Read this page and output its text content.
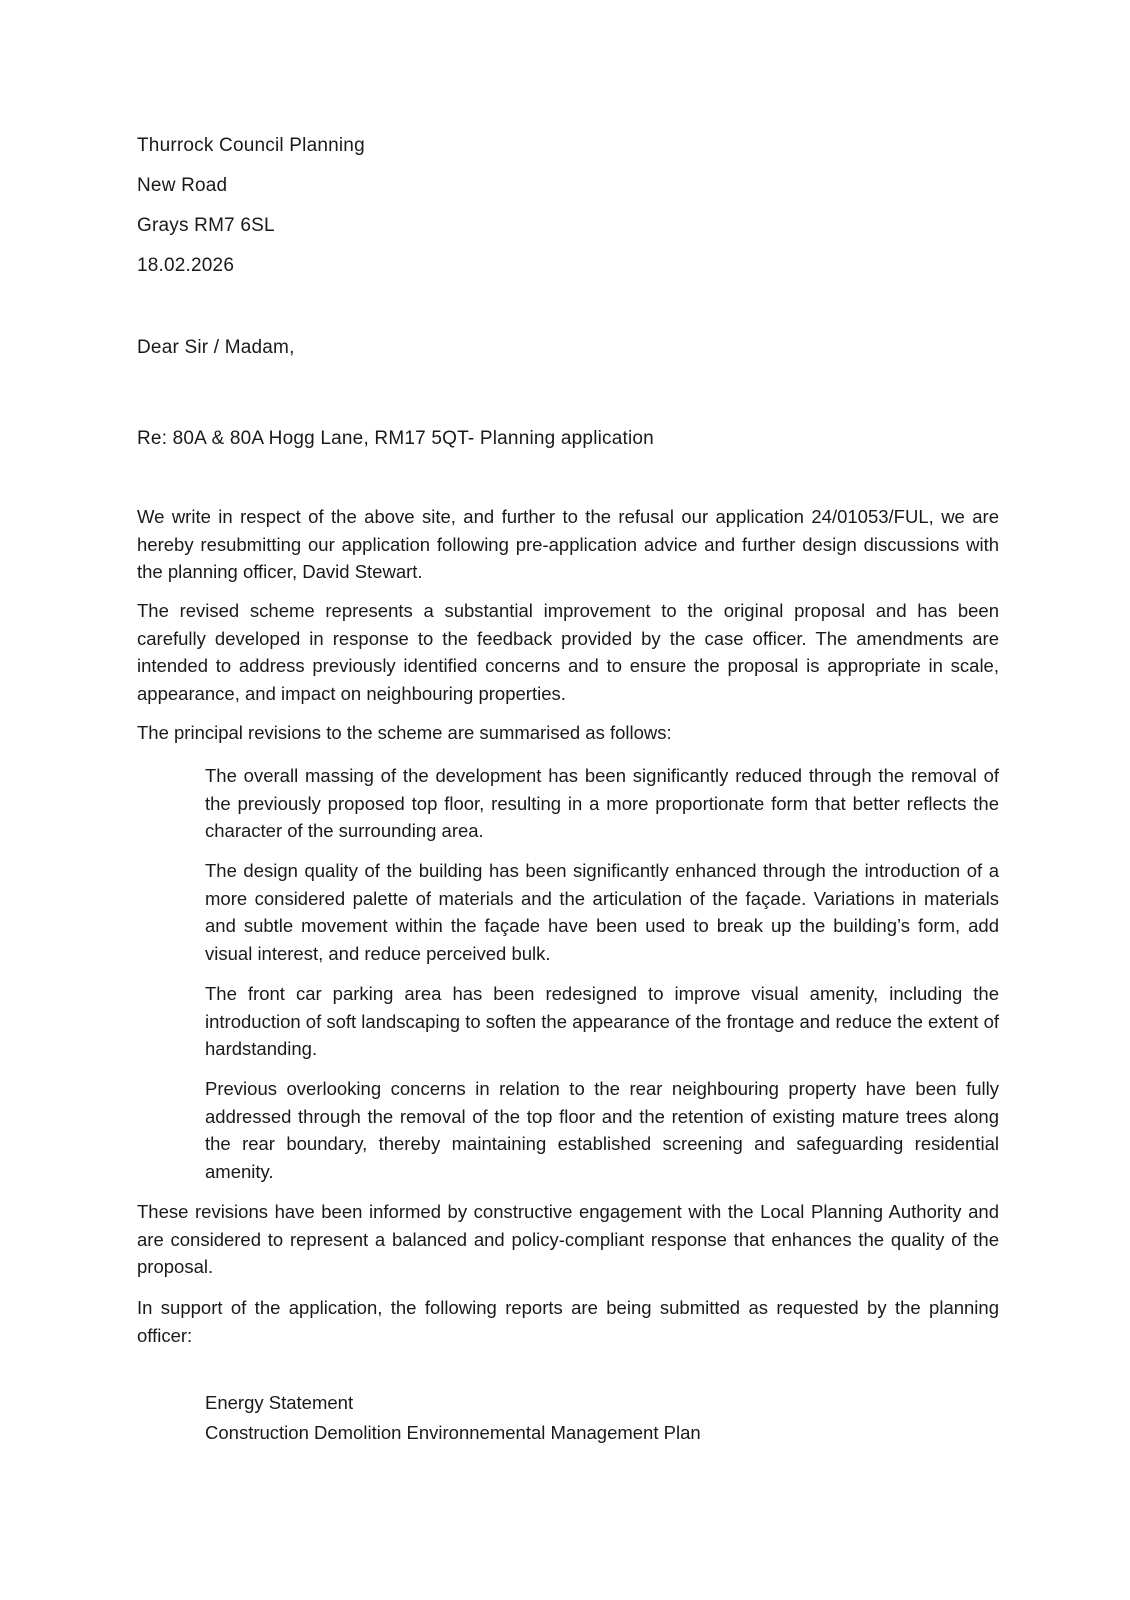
Thurrock Council Planning

New Road

Grays RM7 6SL

18.02.2026

Dear Sir / Madam,

Re: 80A & 80A Hogg Lane, RM17 5QT- Planning application

We write in respect of the above site, and further to the refusal our application 24/01053/FUL, we are hereby resubmitting our application following pre-application advice and further design discussions with the planning officer, David Stewart.

The revised scheme represents a substantial improvement to the original proposal and has been carefully developed in response to the feedback provided by the case officer. The amendments are intended to address previously identified concerns and to ensure the proposal is appropriate in scale, appearance, and impact on neighbouring properties.

The principal revisions to the scheme are summarised as follows:

The overall massing of the development has been significantly reduced through the removal of the previously proposed top floor, resulting in a more proportionate form that better reflects the character of the surrounding area.

The design quality of the building has been significantly enhanced through the introduction of a more considered palette of materials and the articulation of the façade. Variations in materials and subtle movement within the façade have been used to break up the building’s form, add visual interest, and reduce perceived bulk.

The front car parking area has been redesigned to improve visual amenity, including the introduction of soft landscaping to soften the appearance of the frontage and reduce the extent of hardstanding.

Previous overlooking concerns in relation to the rear neighbouring property have been fully addressed through the removal of the top floor and the retention of existing mature trees along the rear boundary, thereby maintaining established screening and safeguarding residential amenity.

These revisions have been informed by constructive engagement with the Local Planning Authority and are considered to represent a balanced and policy-compliant response that enhances the quality of the proposal.

In support of the application, the following reports are being submitted as requested by the planning officer:

Energy Statement
Construction Demolition Environnemental Management Plan
